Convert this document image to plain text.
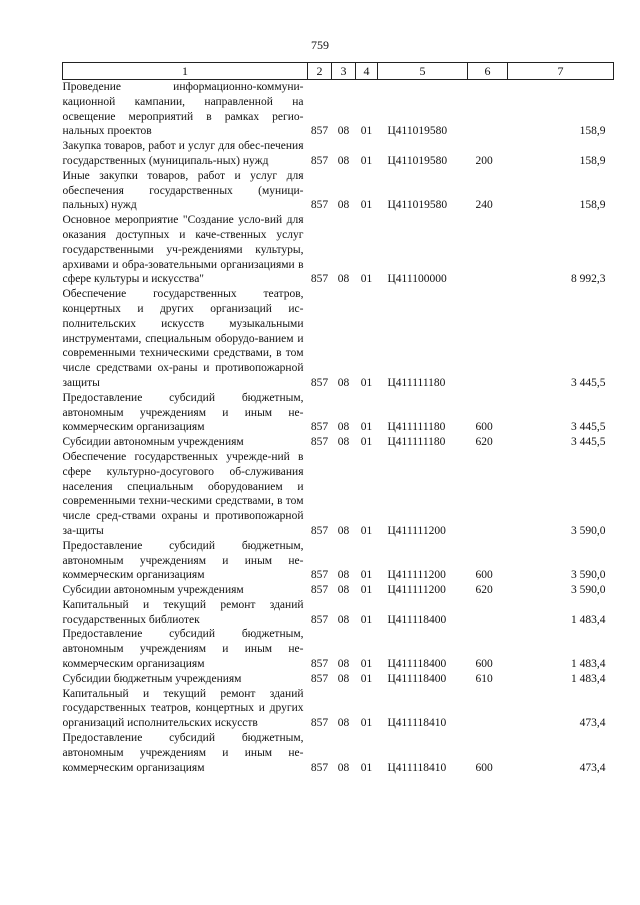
759
1	2	3	4	5	6	7
Проведение информационно-коммуни-кационной кампании, направленной на освещение мероприятий в рамках регио-нальных проектов	857	08	01	Ц411019580		158,9
Закупка товаров, работ и услуг для обес-печения государственных (муниципаль-ных) нужд	857	08	01	Ц411019580	200	158,9
Иные закупки товаров, работ и услуг для обеспечения государственных (муници-пальных) нужд	857	08	01	Ц411019580	240	158,9
Основное мероприятие "Создание усло-вий для оказания доступных и каче-ственных услуг государственными уч-реждениями культуры, архивами и обра-зовательными организациями в сфере культуры и искусства"	857	08	01	Ц411100000		8 992,3
Обеспечение государственных театров, концертных и других организаций ис-полнительских искусств музыкальными инструментами, специальным оборудо-ванием и современными техническими средствами, в том числе средствами ох-раны и противопожарной защиты	857	08	01	Ц411111180		3 445,5
Предоставление субсидий бюджетным, автономным учреждениям и иным не-коммерческим организациям	857	08	01	Ц411111180	600	3 445,5
Субсидии автономным учреждениям	857	08	01	Ц411111180	620	3 445,5
Обеспечение государственных учрежде-ний в сфере культурно-досугового об-служивания населения специальным оборудованием и современными техни-ческими средствами, в том числе сред-ствами охраны и противопожарной за-щиты	857	08	01	Ц411111200		3 590,0
Предоставление субсидий бюджетным, автономным учреждениям и иным не-коммерческим организациям	857	08	01	Ц411111200	600	3 590,0
Субсидии автономным учреждениям	857	08	01	Ц411111200	620	3 590,0
Капитальный и текущий ремонт зданий государственных библиотек	857	08	01	Ц411118400		1 483,4
Предоставление субсидий бюджетным, автономным учреждениям и иным не-коммерческим организациям	857	08	01	Ц411118400	600	1 483,4
Субсидии бюджетным учреждениям	857	08	01	Ц411118400	610	1 483,4
Капитальный и текущий ремонт зданий государственных театров, концертных и других организаций исполнительских искусств	857	08	01	Ц411118410		473,4
Предоставление субсидий бюджетным, автономным учреждениям и иным не-коммерческим организациям	857	08	01	Ц411118410	600	473,4
